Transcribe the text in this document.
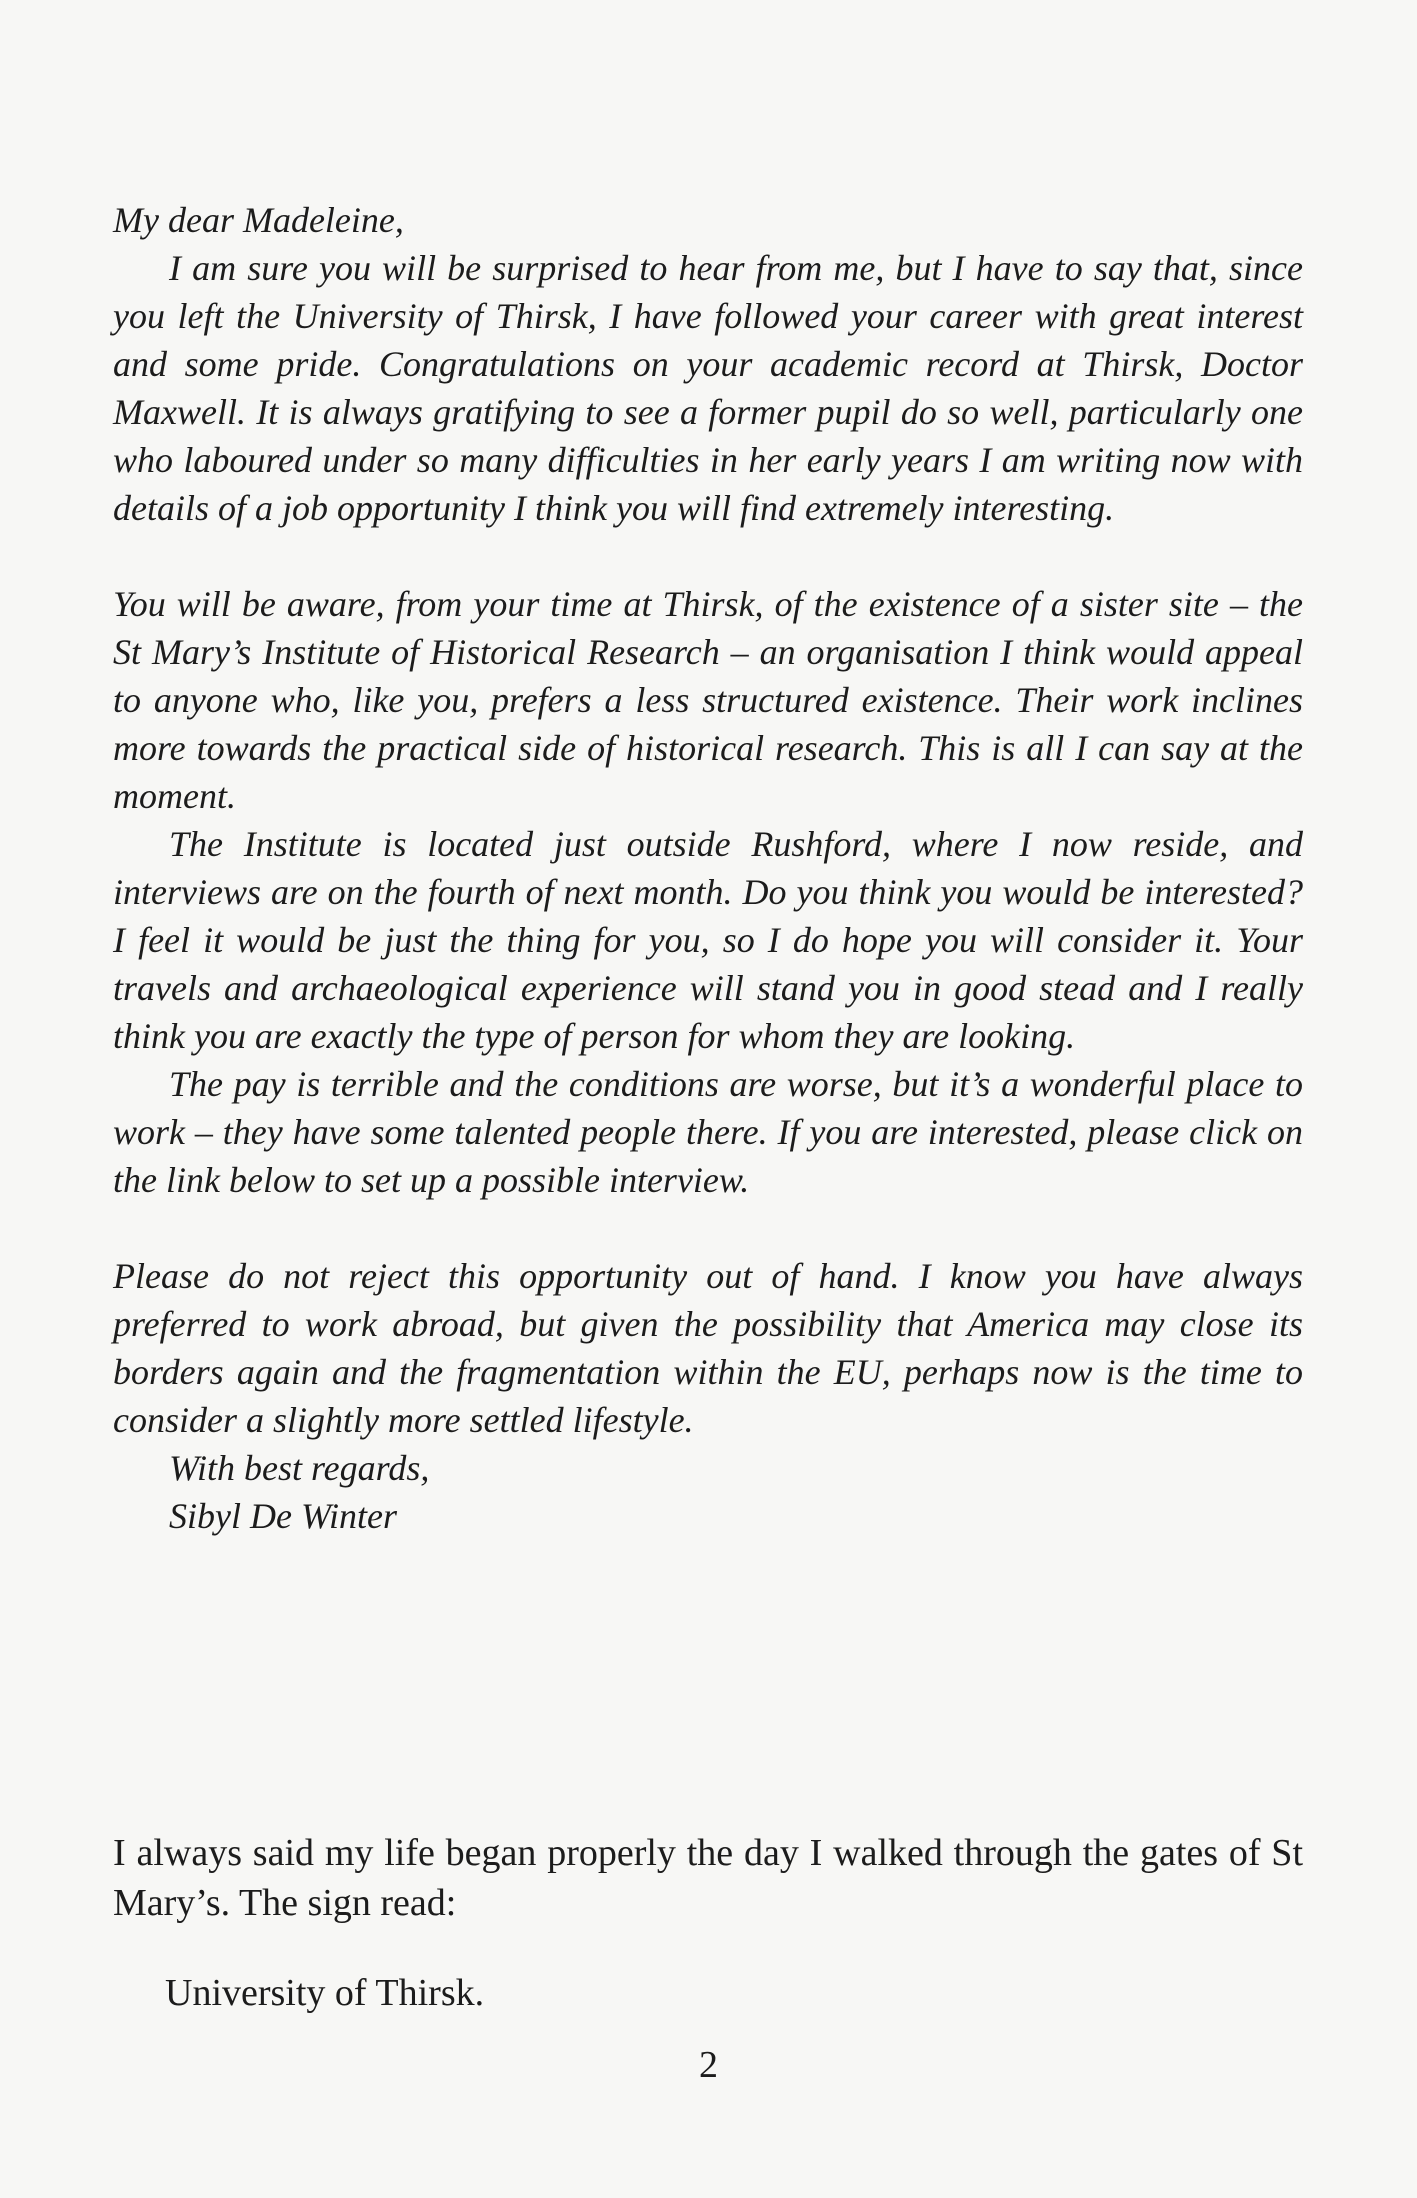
My dear Madeleine,

I am sure you will be surprised to hear from me, but I have to say that, since you left the University of Thirsk, I have followed your career with great interest and some pride. Congratulations on your academic record at Thirsk, Doctor Maxwell. It is always gratifying to see a former pupil do so well, particularly one who laboured under so many difficulties in her early years I am writing now with details of a job opportunity I think you will find extremely interesting.

You will be aware, from your time at Thirsk, of the existence of a sister site – the St Mary’s Institute of Historical Research – an organisation I think would appeal to anyone who, like you, prefers a less structured existence. Their work inclines more towards the practical side of historical research. This is all I can say at the moment.

The Institute is located just outside Rushford, where I now reside, and interviews are on the fourth of next month. Do you think you would be interested? I feel it would be just the thing for you, so I do hope you will consider it. Your travels and archaeological experience will stand you in good stead and I really think you are exactly the type of person for whom they are looking.

The pay is terrible and the conditions are worse, but it’s a wonderful place to work – they have some talented people there. If you are interested, please click on the link below to set up a possible interview.

Please do not reject this opportunity out of hand. I know you have always preferred to work abroad, but given the possibility that America may close its borders again and the fragmentation within the EU, perhaps now is the time to consider a slightly more settled lifestyle.

With best regards,

Sibyl De Winter

I always said my life began properly the day I walked through the gates of St Mary’s. The sign read:

University of Thirsk.

2
